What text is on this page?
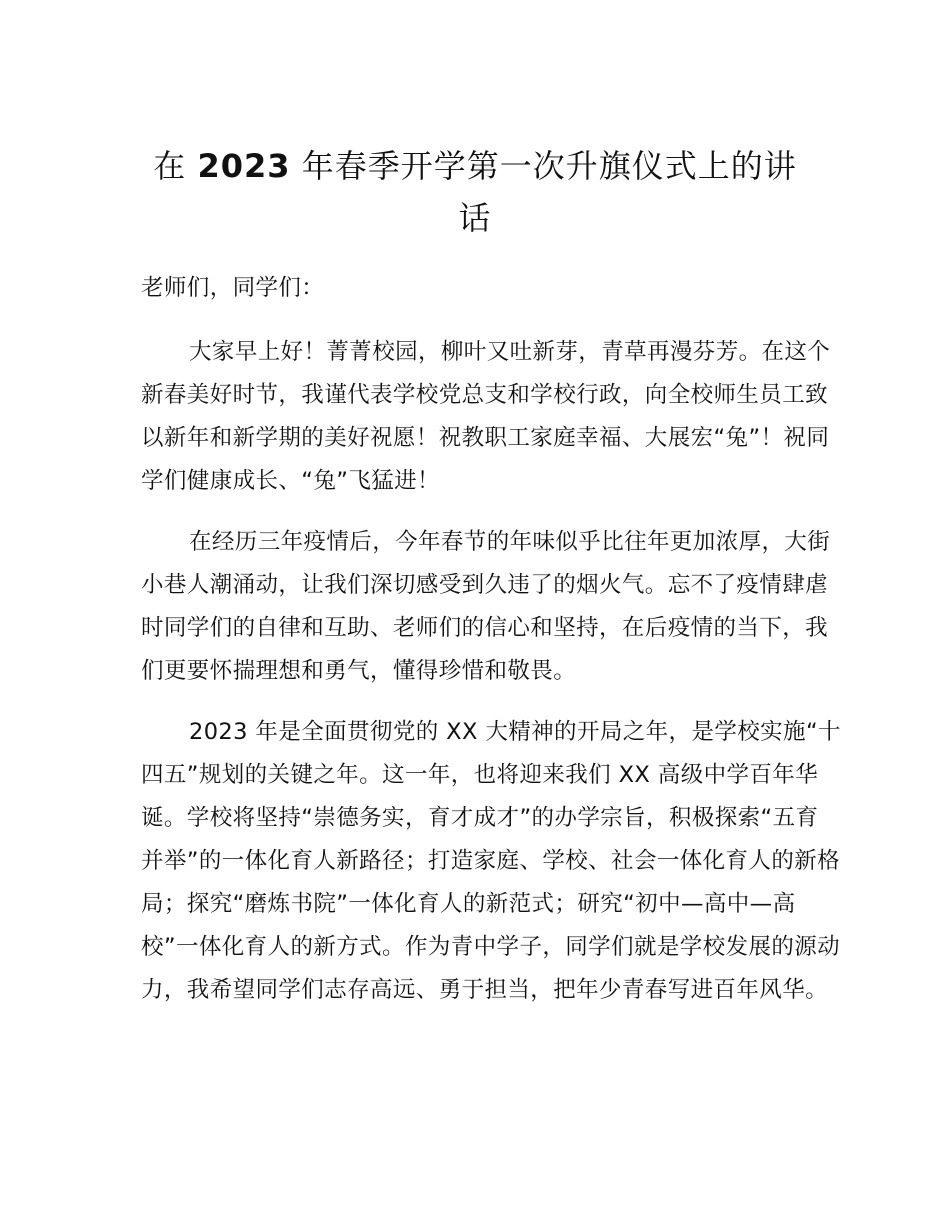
在 2023 年春季开学第一次升旗仪式上的讲话

老师们，同学们：

大家早上好！菁菁校园，柳叶又吐新芽，青草再漫芬芳。在这个新春美好时节，我谨代表学校党总支和学校行政，向全校师生员工致以新年和新学期的美好祝愿！祝教职工家庭幸福、大展宏“兔”！祝同学们健康成长、“兔”飞猛进！

在经历三年疫情后，今年春节的年味似乎比往年更加浓厚，大街小巷人潮涌动，让我们深切感受到久违了的烟火气。忘不了疫情肆虐时同学们的自律和互助、老师们的信心和坚持，在后疫情的当下，我们更要怀揣理想和勇气，懂得珍惜和敬畏。

2023 年是全面贯彻党的 XX 大精神的开局之年，是学校实施“十四五”规划的关键之年。这一年，也将迎来我们 XX 高级中学百年华诞。学校将坚持“崇德务实，育才成才”的办学宗旨，积极探索“五育并举”的一体化育人新路径；打造家庭、学校、社会一体化育人的新格局；探究“磨炼书院”一体化育人的新范式；研究“初中—高中—高校”一体化育人的新方式。作为青中学子，同学们就是学校发展的源动力，我希望同学们志存高远、勇于担当，把年少青春写进百年风华。
